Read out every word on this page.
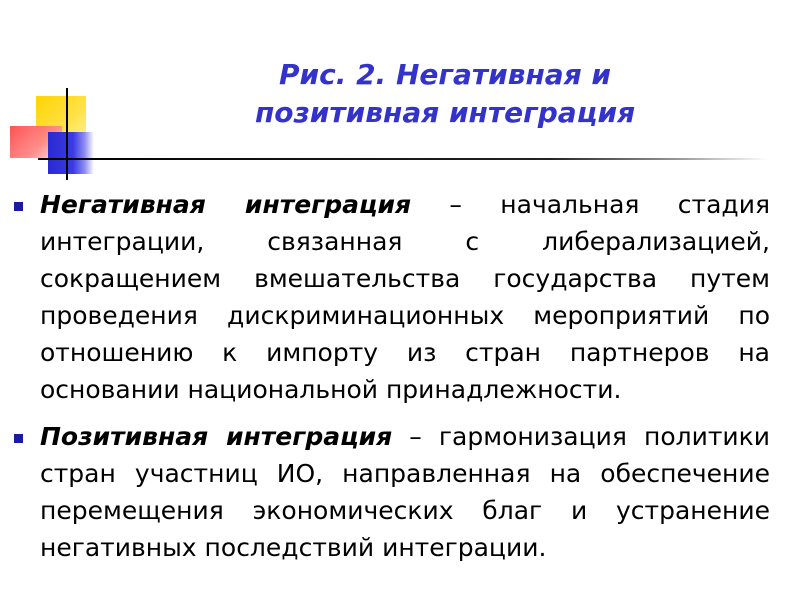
Рис. 2. Негативная и
позитивная интеграция
Негативная интеграция – начальная стадия интеграции, связанная с либерализацией, сокращением вмешательства государства путем проведения дискриминационных мероприятий по отношению к импорту из стран партнеров на основании национальной принадлежности.
Позитивная интеграция – гармонизация политики стран участниц ИО, направленная на обеспечение перемещения экономических благ и устранение негативных последствий интеграции.
